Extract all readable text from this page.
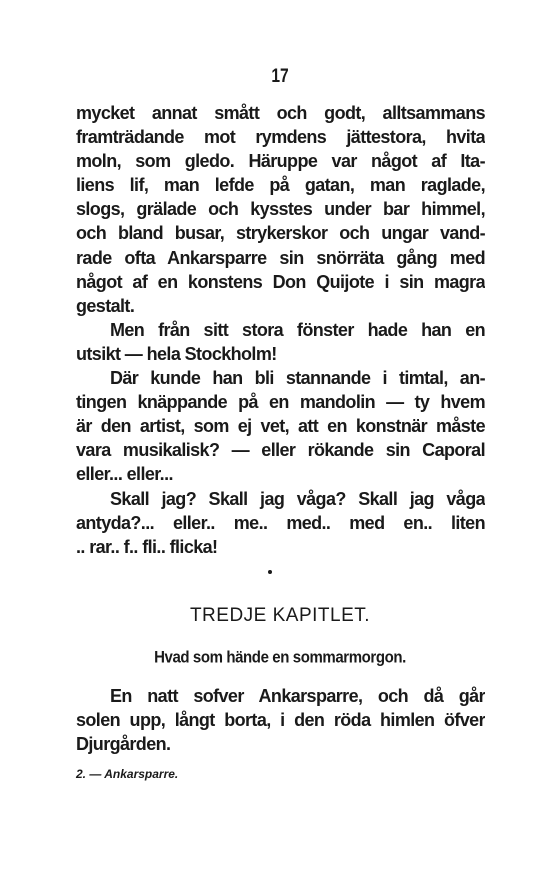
17
mycket annat smått och godt, alltsammans
framträdande mot rymdens jättestora, hvita
moln, som gledo. Häruppe var något af Ita-
liens lif, man lefde på gatan, man raglade,
slogs, grälade och kysstes under bar himmel,
och bland busar, strykerskor och ungar vand-
rade ofta Ankarsparre sin snörräta gång med
något af en konstens Don Quijote i sin magra
gestalt.
Men från sitt stora fönster hade han en
utsikt — hela Stockholm!
Där kunde han bli stannande i timtal, an-
tingen knäppande på en mandolin — ty hvem
är den artist, som ej vet, att en konstnär måste
vara musikalisk? — eller rökande sin Caporal
eller... eller...
Skall jag? Skall jag våga? Skall jag våga
antyda?... eller.. me.. med.. med en.. liten
.. rar.. f.. fli.. flicka!
TREDJE KAPITLET.
Hvad som hände en sommarmorgon.
En natt sofver Ankarsparre, och då går
solen upp, långt borta, i den röda himlen öfver
Djurgården.
2. — Ankarsparre.
